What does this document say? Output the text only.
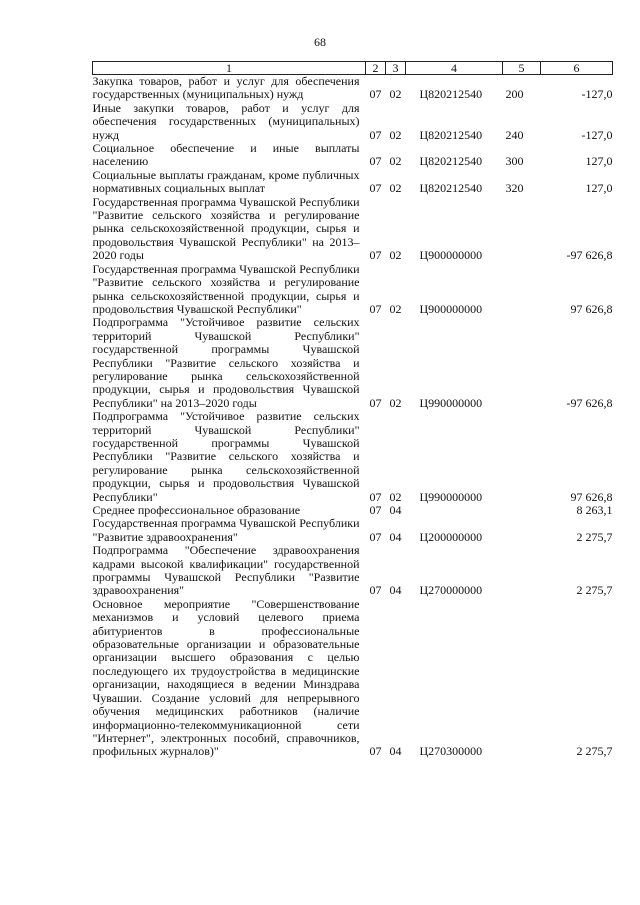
68
1	2	3	4	5	6
Закупка товаров, работ и услуг для обеспечения государственных (муниципальных) нужд	07	02	Ц820212540	200	-127,0
Иные закупки товаров, работ и услуг для обеспечения государственных (муниципальных) нужд	07	02	Ц820212540	240	-127,0
Социальное обеспечение и иные выплаты населению	07	02	Ц820212540	300	127,0
Социальные выплаты гражданам, кроме публичных нормативных социальных выплат	07	02	Ц820212540	320	127,0
Государственная программа Чувашской Республики "Развитие сельского хозяйства и регулирование рынка сельскохозяйственной продукции, сырья и продовольствия Чувашской Республики" на 2013–2020 годы	07	02	Ц900000000		-97 626,8
Государственная программа Чувашской Республики "Развитие сельского хозяйства и регулирование рынка сельскохозяйственной продукции, сырья и продовольствия Чувашской Республики"	07	02	Ц900000000		97 626,8
Подпрограмма "Устойчивое развитие сельских территорий Чувашской Республики" государственной программы Чувашской Республики "Развитие сельского хозяйства и регулирование рынка сельскохозяйственной продукции, сырья и продовольствия Чувашской Республики" на 2013–2020 годы	07	02	Ц990000000		-97 626,8
Подпрограмма "Устойчивое развитие сельских территорий Чувашской Республики" государственной программы Чувашской Республики "Развитие сельского хозяйства и регулирование рынка сельскохозяйственной продукции, сырья и продовольствия Чувашской Республики"	07	02	Ц990000000		97 626,8
Среднее профессиональное образование	07	04			8 263,1
Государственная программа Чувашской Республики "Развитие здравоохранения"	07	04	Ц200000000		2 275,7
Подпрограмма "Обеспечение здравоохранения кадрами высокой квалификации" государственной программы Чувашской Республики "Развитие здравоохранения"	07	04	Ц270000000		2 275,7
Основное мероприятие "Совершенствование механизмов и условий целевого приема абитуриентов в профессиональные образовательные организации и образовательные организации высшего образования с целью последующего их трудоустройства в медицинские организации, находящиеся в ведении Минздрава Чувашии. Создание условий для непрерывного обучения медицинских работников (наличие информационно-телекоммуникационной сети "Интернет", электронных пособий, справочников, профильных журналов)"	07	04	Ц270300000		2 275,7
